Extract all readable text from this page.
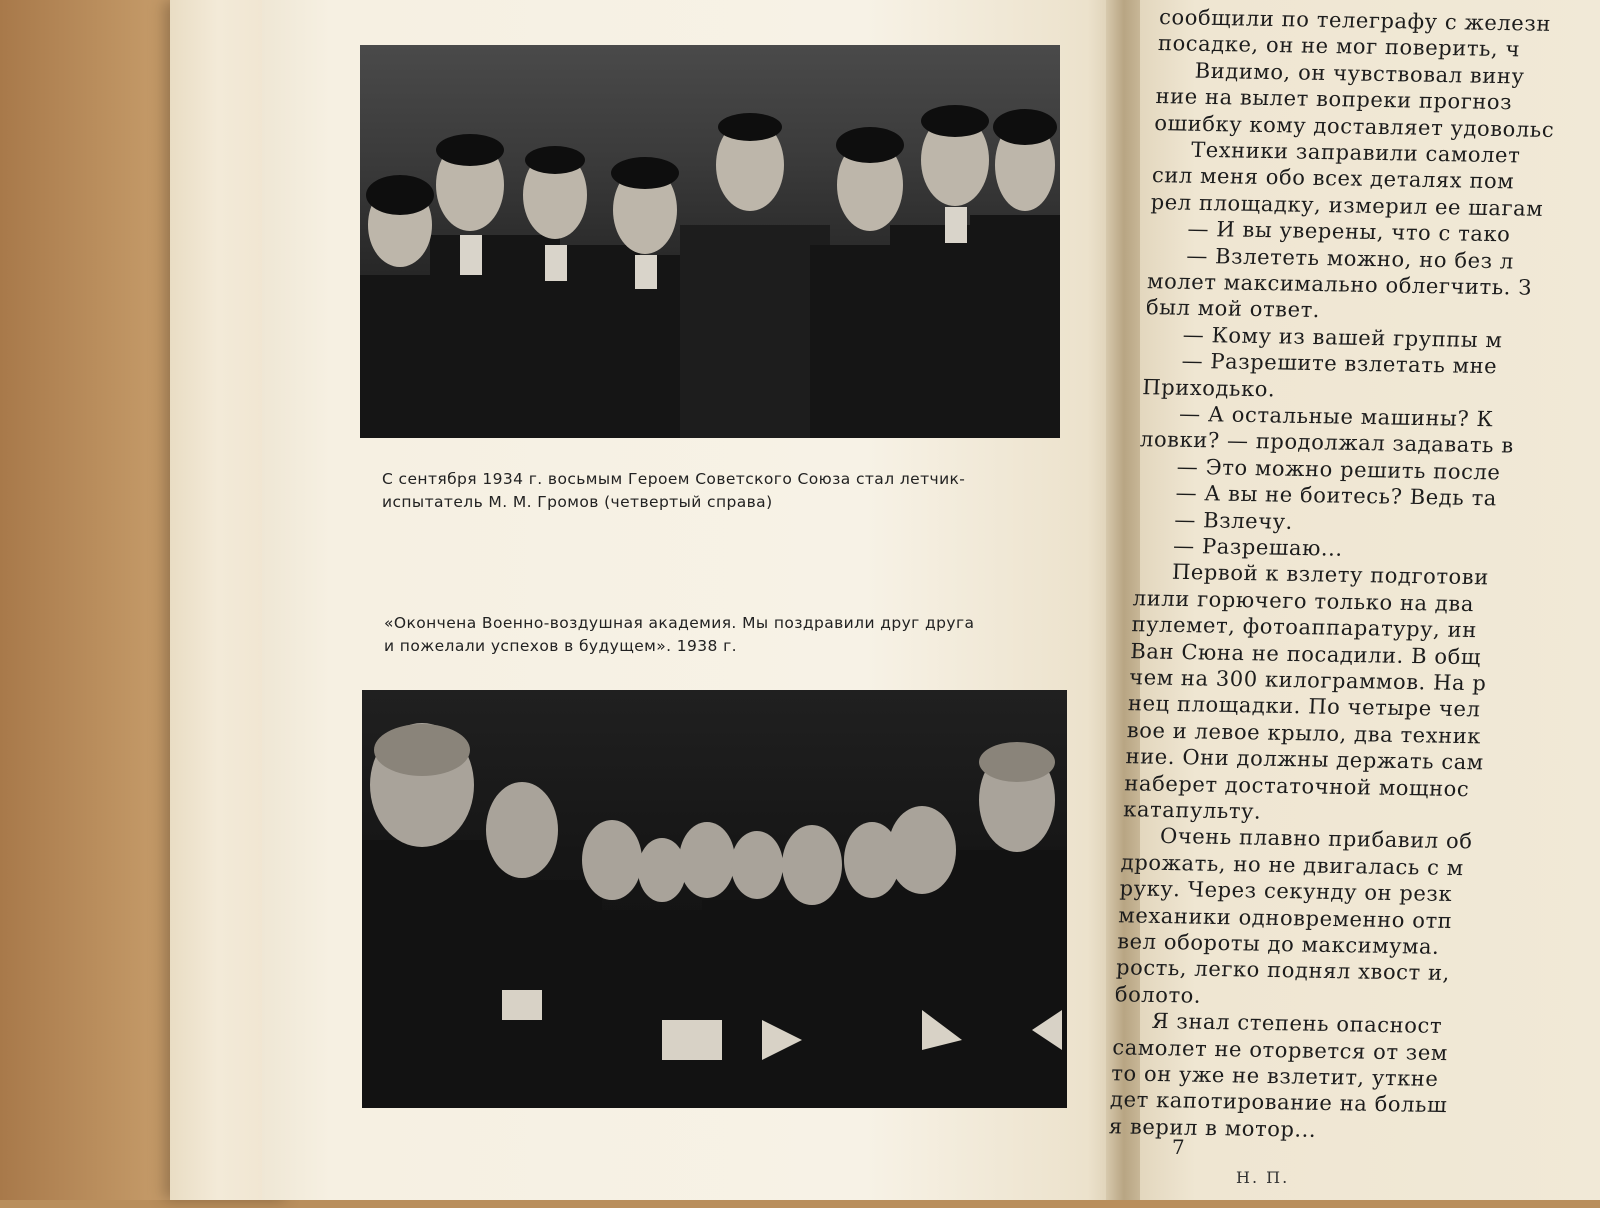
С сентября 1934 г. восьмым Героем Советского Союза стал летчик-
испытатель М. М. Громов (четвертый справа)
«Окончена Военно-воздушная академия. Мы поздравили друг друга
и пожелали успехов в будущем». 1938 г.
сообщили по телеграфу с железн
посадке, он не мог поверить, ч
Видимо, он чувствовал вину
ние на вылет вопреки прогноз
ошибку кому доставляет удовольс
Техники заправили самолет
сил меня обо всех деталях пом
рел площадку, измерил ее шагам
— И вы уверены, что с тако
— Взлететь можно, но без л
молет максимально облегчить. З
был мой ответ.
— Кому из вашей группы м
— Разрешите взлетать мне
Приходько.
— А остальные машины? К
ловки? — продолжал задавать в
— Это можно решить после
— А вы не боитесь? Ведь та
— Взлечу.
— Разрешаю...
Первой к взлету подготови
лили горючего только на два
пулемет, фотоаппаратуру, ин
Ван Сюна не посадили. В общ
чем на 300 килограммов. На р
нец площадки. По четыре чел
вое и левое крыло, два техник
ние. Они должны держать сам
наберет достаточной мощнос
катапульту.
Очень плавно прибавил об
дрожать, но не двигалась с м
руку. Через секунду он резк
механики одновременно отп
вел обороты до максимума.
рость, легко поднял хвост и,
болото.
Я знал степень опасност
самолет не оторвется от зем
то он уже не взлетит, уткне
дет капотирование на больш
я верил в мотор...
7
Н. П.
